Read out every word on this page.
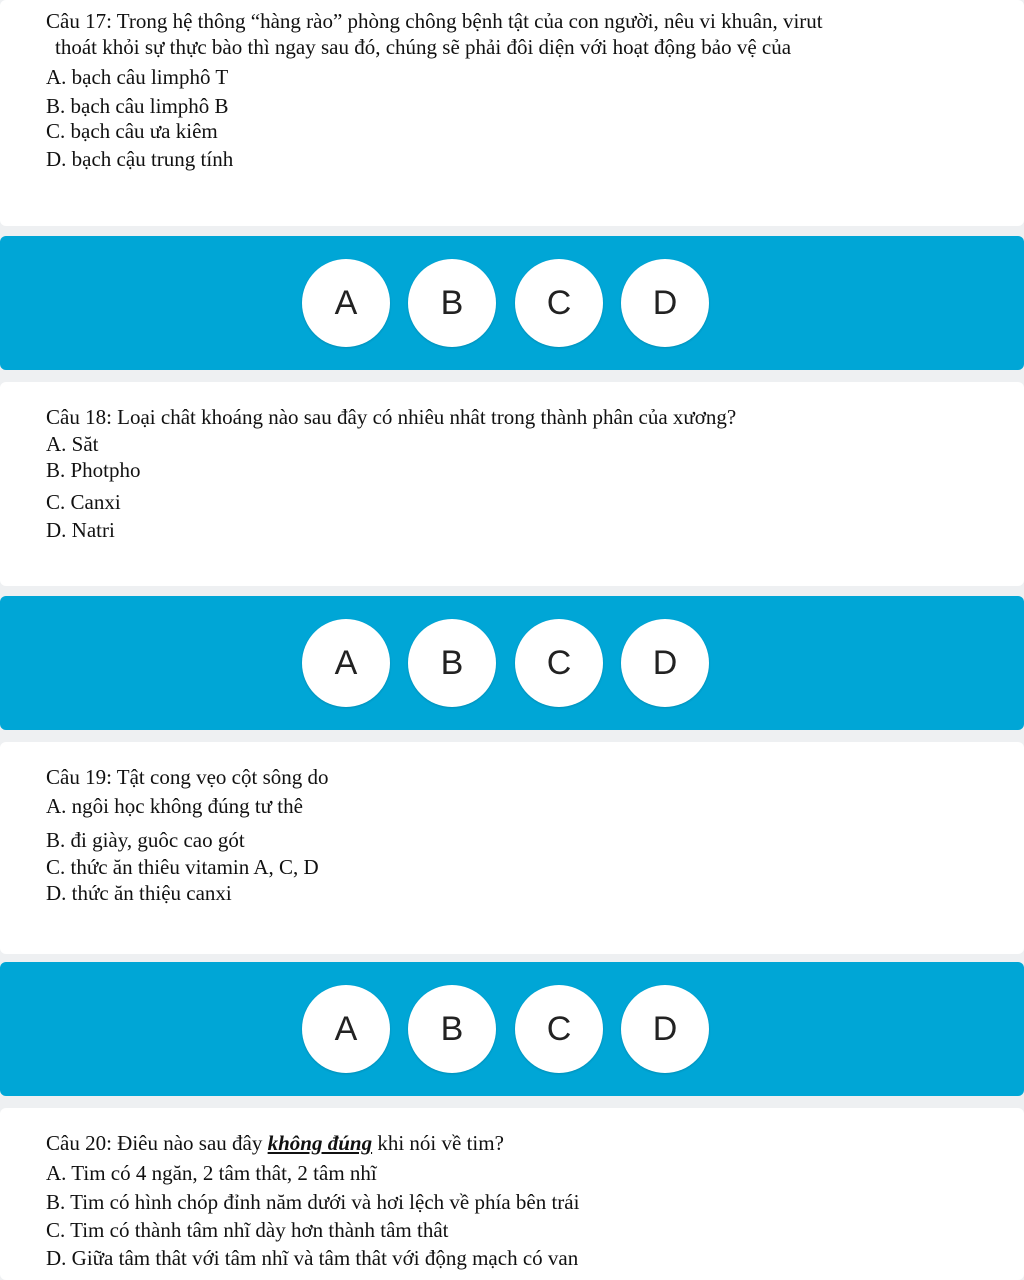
Câu 17: Trong hệ thông “hàng rào” phòng chông bệnh tật của con người, nêu vi khuân, virut
thoát khỏi sự thực bào thì ngay sau đó, chúng sẽ phải đôi diện với hoạt động bảo vệ của
A. bạch câu limphô T
B. bạch câu limphô B
C. bạch câu ưa kiêm
D. bạch cậu trung tính
A	B	C	D
Câu 18: Loại chât khoáng nào sau đây có nhiêu nhât trong thành phân của xương?
A. Săt
B. Photpho
C. Canxi
D. Natri
A	B	C	D
Câu 19: Tật cong vẹo cột sông do
A. ngôi học không đúng tư thê
B. đi giày, guôc cao gót
C. thức ăn thiêu vitamin A, C, D
D. thức ăn thiệu canxi
A	B	C	D
Câu 20: Điêu nào sau đây không đúng khi nói về tim?
A. Tim có 4 ngăn, 2 tâm thât, 2 tâm nhĩ
B. Tim có hình chóp đỉnh năm dưới và hơi lệch về phía bên trái
C. Tim có thành tâm nhĩ dày hơn thành tâm thât
D. Giữa tâm thât với tâm nhĩ và tâm thât với động mạch có van
